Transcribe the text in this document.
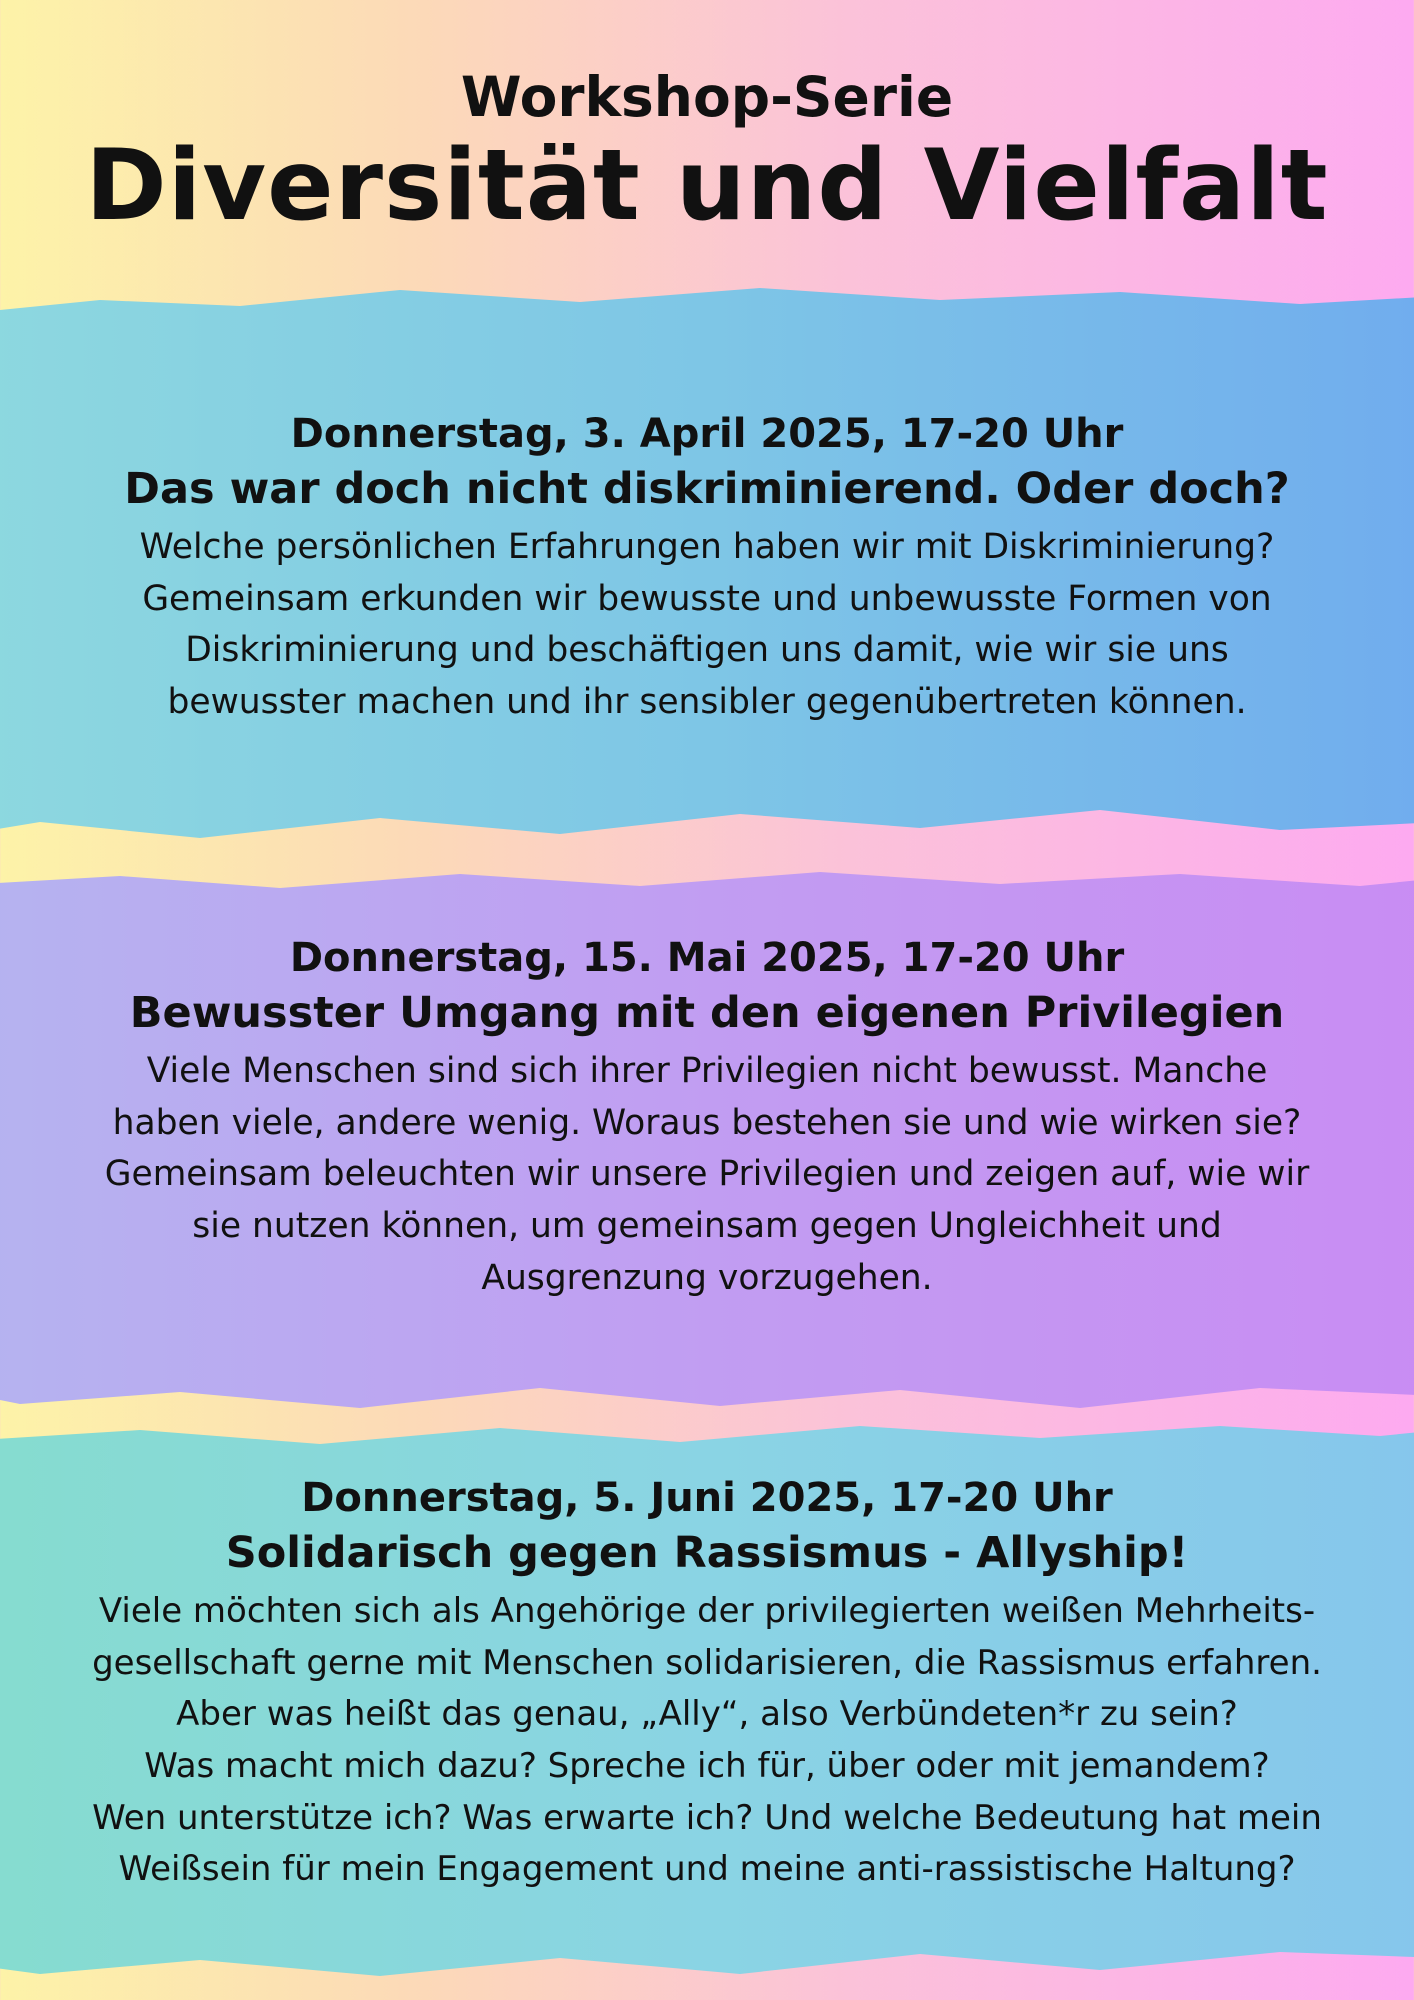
Workshop-Serie

Diversität und Vielfalt

Donnerstag, 3. April 2025, 17-20 Uhr

Das war doch nicht diskriminierend. Oder doch?

Welche persönlichen Erfahrungen haben wir mit Diskriminierung?
Gemeinsam erkunden wir bewusste und unbewusste Formen von
Diskriminierung und beschäftigen uns damit, wie wir sie uns
bewusster machen und ihr sensibler gegenübertreten können.

Donnerstag, 15. Mai 2025, 17-20 Uhr

Bewusster Umgang mit den eigenen Privilegien

Viele Menschen sind sich ihrer Privilegien nicht bewusst. Manche
haben viele, andere wenig. Woraus bestehen sie und wie wirken sie?
Gemeinsam beleuchten wir unsere Privilegien und zeigen auf, wie wir
sie nutzen können, um gemeinsam gegen Ungleichheit und
Ausgrenzung vorzugehen.

Donnerstag, 5. Juni 2025, 17-20 Uhr

Solidarisch gegen Rassismus - Allyship!

Viele möchten sich als Angehörige der privilegierten weißen Mehrheits-
gesellschaft gerne mit Menschen solidarisieren, die Rassismus erfahren.
Aber was heißt das genau, „Ally“, also Verbündeten*r zu sein?
Was macht mich dazu? Spreche ich für, über oder mit jemandem?
Wen unterstütze ich? Was erwarte ich? Und welche Bedeutung hat mein
Weißsein für mein Engagement und meine anti-rassistische Haltung?
